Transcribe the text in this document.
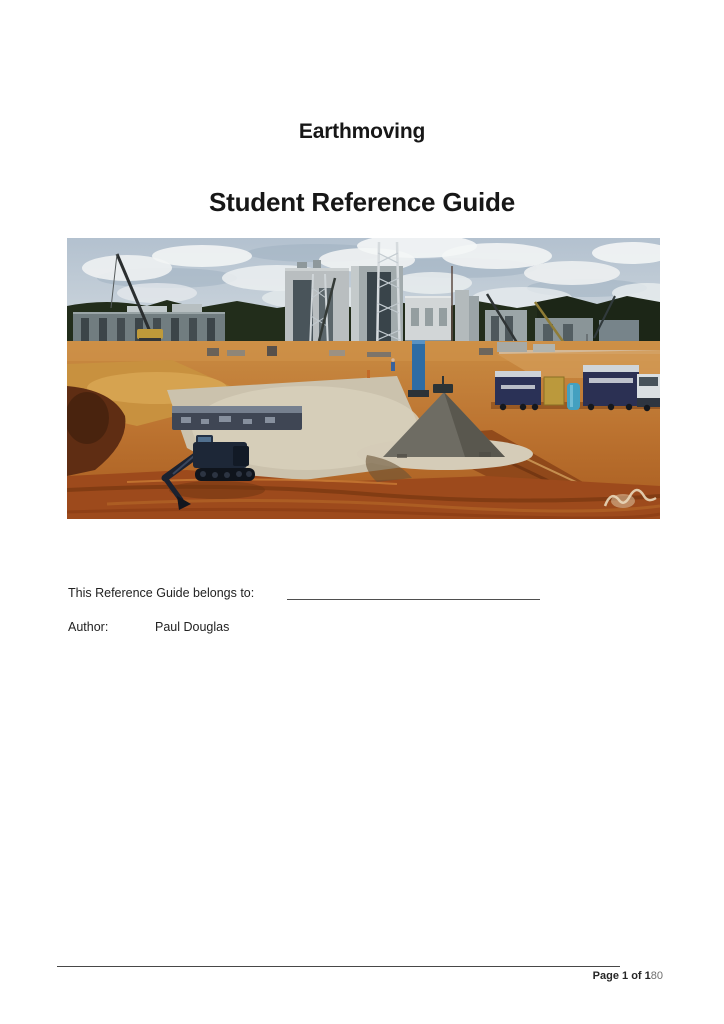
Earthmoving
Student Reference Guide
This Reference Guide belongs to:
Author:	Paul Douglas
Page 1 of 180
